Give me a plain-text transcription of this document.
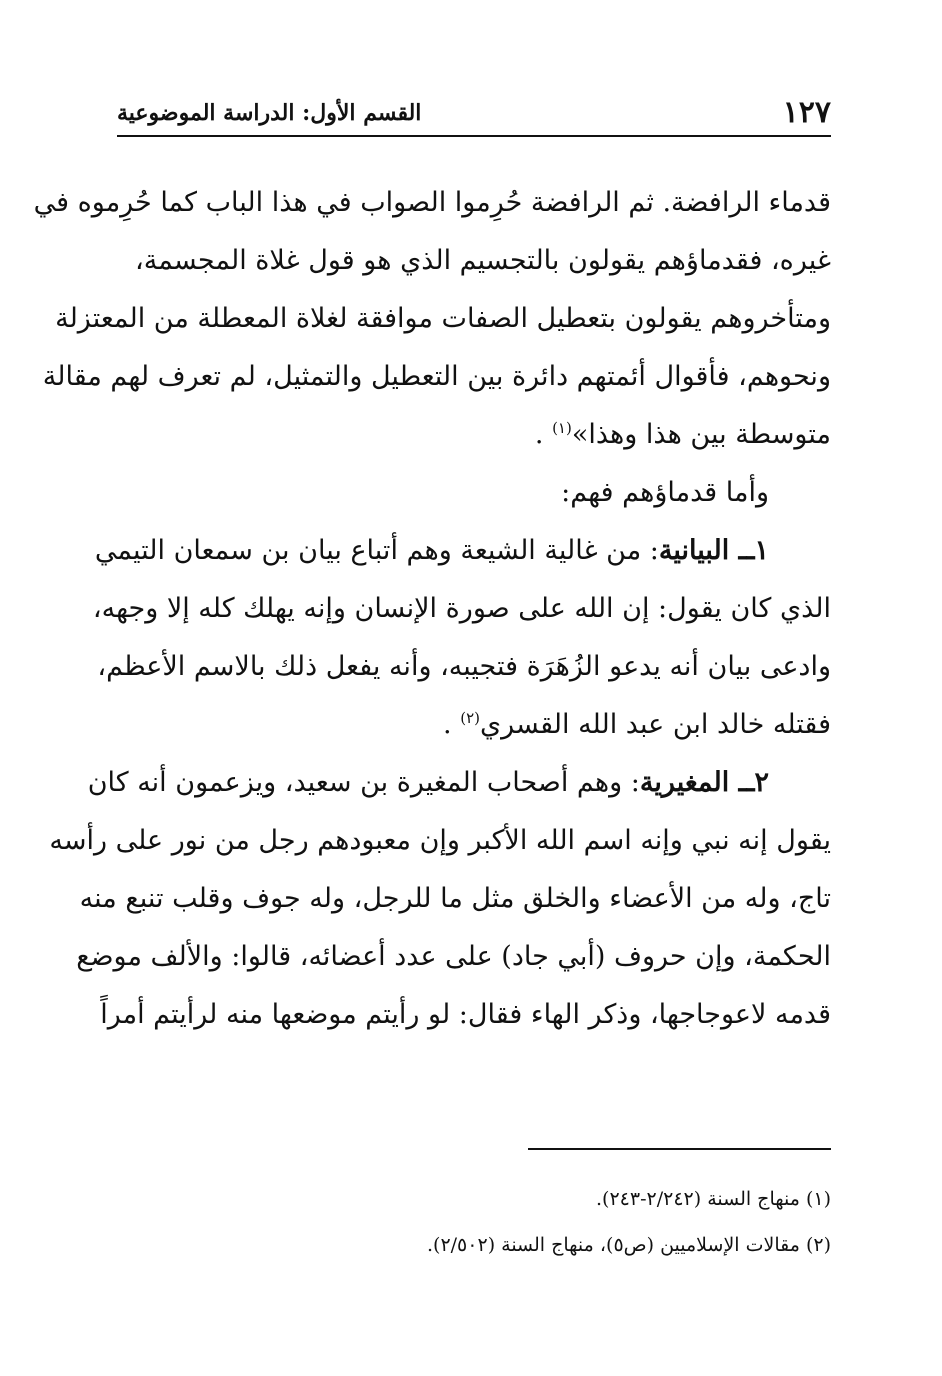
١٢٧
القسم الأول: الدراسة الموضوعية
قدماء الرافضة. ثم الرافضة حُرِموا الصواب في هذا الباب كما حُرِموه في
غيره، فقدماؤهم يقولون بالتجسيم الذي هو قول غلاة المجسمة،
ومتأخروهم يقولون بتعطيل الصفات موافقة لغلاة المعطلة من المعتزلة
ونحوهم، فأقوال أئمتهم دائرة بين التعطيل والتمثيل، لم تعرف لهم مقالة
متوسطة بين هذا وهذا»$^{(١)}$ .
وأما قدماؤهم فهم:
١ــ البيانية: من غالية الشيعة وهم أتباع بيان بن سمعان التيمي
الذي كان يقول: إن الله على صورة الإنسان وإنه يهلك كله إلا وجهه،
وادعى بيان أنه يدعو الزُهَرَة فتجيبه، وأنه يفعل ذلك بالاسم الأعظم،
فقتله خالد ابن عبد الله القسري$^{(٢)}$ .
٢ــ المغيرية: وهم أصحاب المغيرة بن سعيد، ويزعمون أنه كان
يقول إنه نبي وإنه اسم الله الأكبر وإن معبودهم رجل من نور على رأسه
تاج، وله من الأعضاء والخلق مثل ما للرجل، وله جوف وقلب تنبع منه
الحكمة، وإن حروف (أبي جاد) على عدد أعضائه، قالوا: والألف موضع
قدمه لاعوجاجها، وذكر الهاء فقال: لو رأيتم موضعها منه لرأيتم أمراً
(١) منهاج السنة (٢/٢٤٢-٢٤٣).
(٢) مقالات الإسلاميين (ص٥)، منهاج السنة (٢/٥٠٢).
